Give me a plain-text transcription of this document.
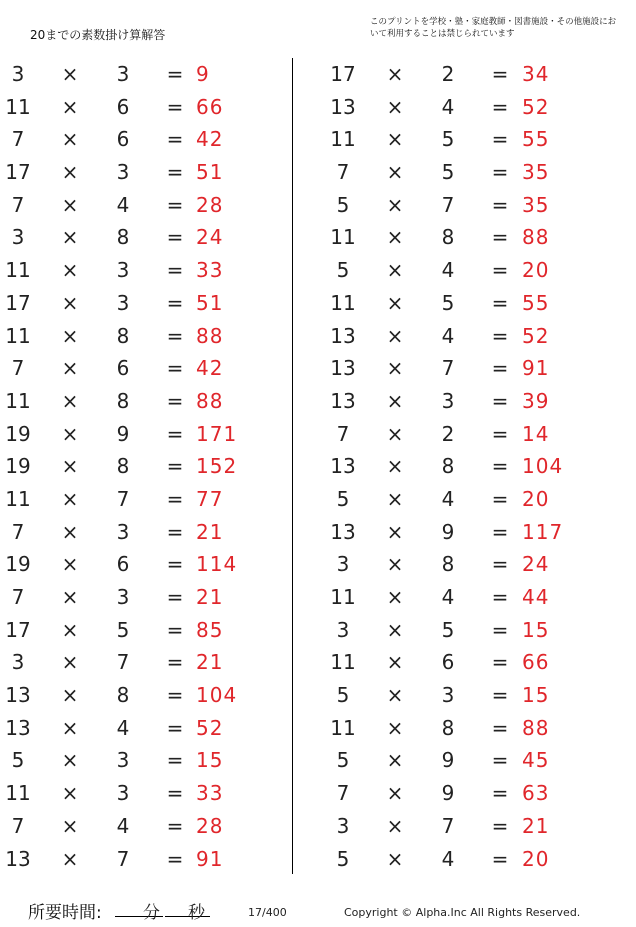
20までの素数掛け算解答
このプリントを学校・塾・家庭教師・図書施設・その他施設において利用することは禁じられています
3	× 3 = 9
11 × 6 = 66
7	× 6 = 42
17 × 3 = 51
7	× 4 = 28
3	× 8 = 24
11 × 3 = 33
17 × 3 = 51
11 × 8 = 88
7	× 6 = 42
11 × 8 = 88
19 × 9 = 171
19 × 8 = 152
11 × 7 = 77
7	× 3 = 21
19 × 6 = 114
7	× 3 = 21
17 × 5 = 85
3	× 7 = 21
13 × 8 = 104
13 × 4 = 52
5	× 3 = 15
11 × 3 = 33
7	× 4 = 28
13 × 7 = 91
17 × 2 = 34
13 × 4 = 52
11 × 5 = 55
7	× 5 = 35
5	× 7 = 35
11 × 8 = 88
5	× 4 = 20
11 × 5 = 55
13 × 4 = 52
13 × 7 = 91
13 × 3 = 39
7	× 2 = 14
13 × 8 = 104
5	× 4 = 20
13 × 9 = 117
3	× 8 = 24
11 × 4 = 44
3	× 5 = 15
11 × 6 = 66
5	× 3 = 15
11 × 8 = 88
5	× 9 = 45
7	× 9 = 63
3	× 7 = 21
5	× 4 = 20
所要時間: 分 秒	17/400	Copyright © Alpha.Inc All Rights Reserved.
